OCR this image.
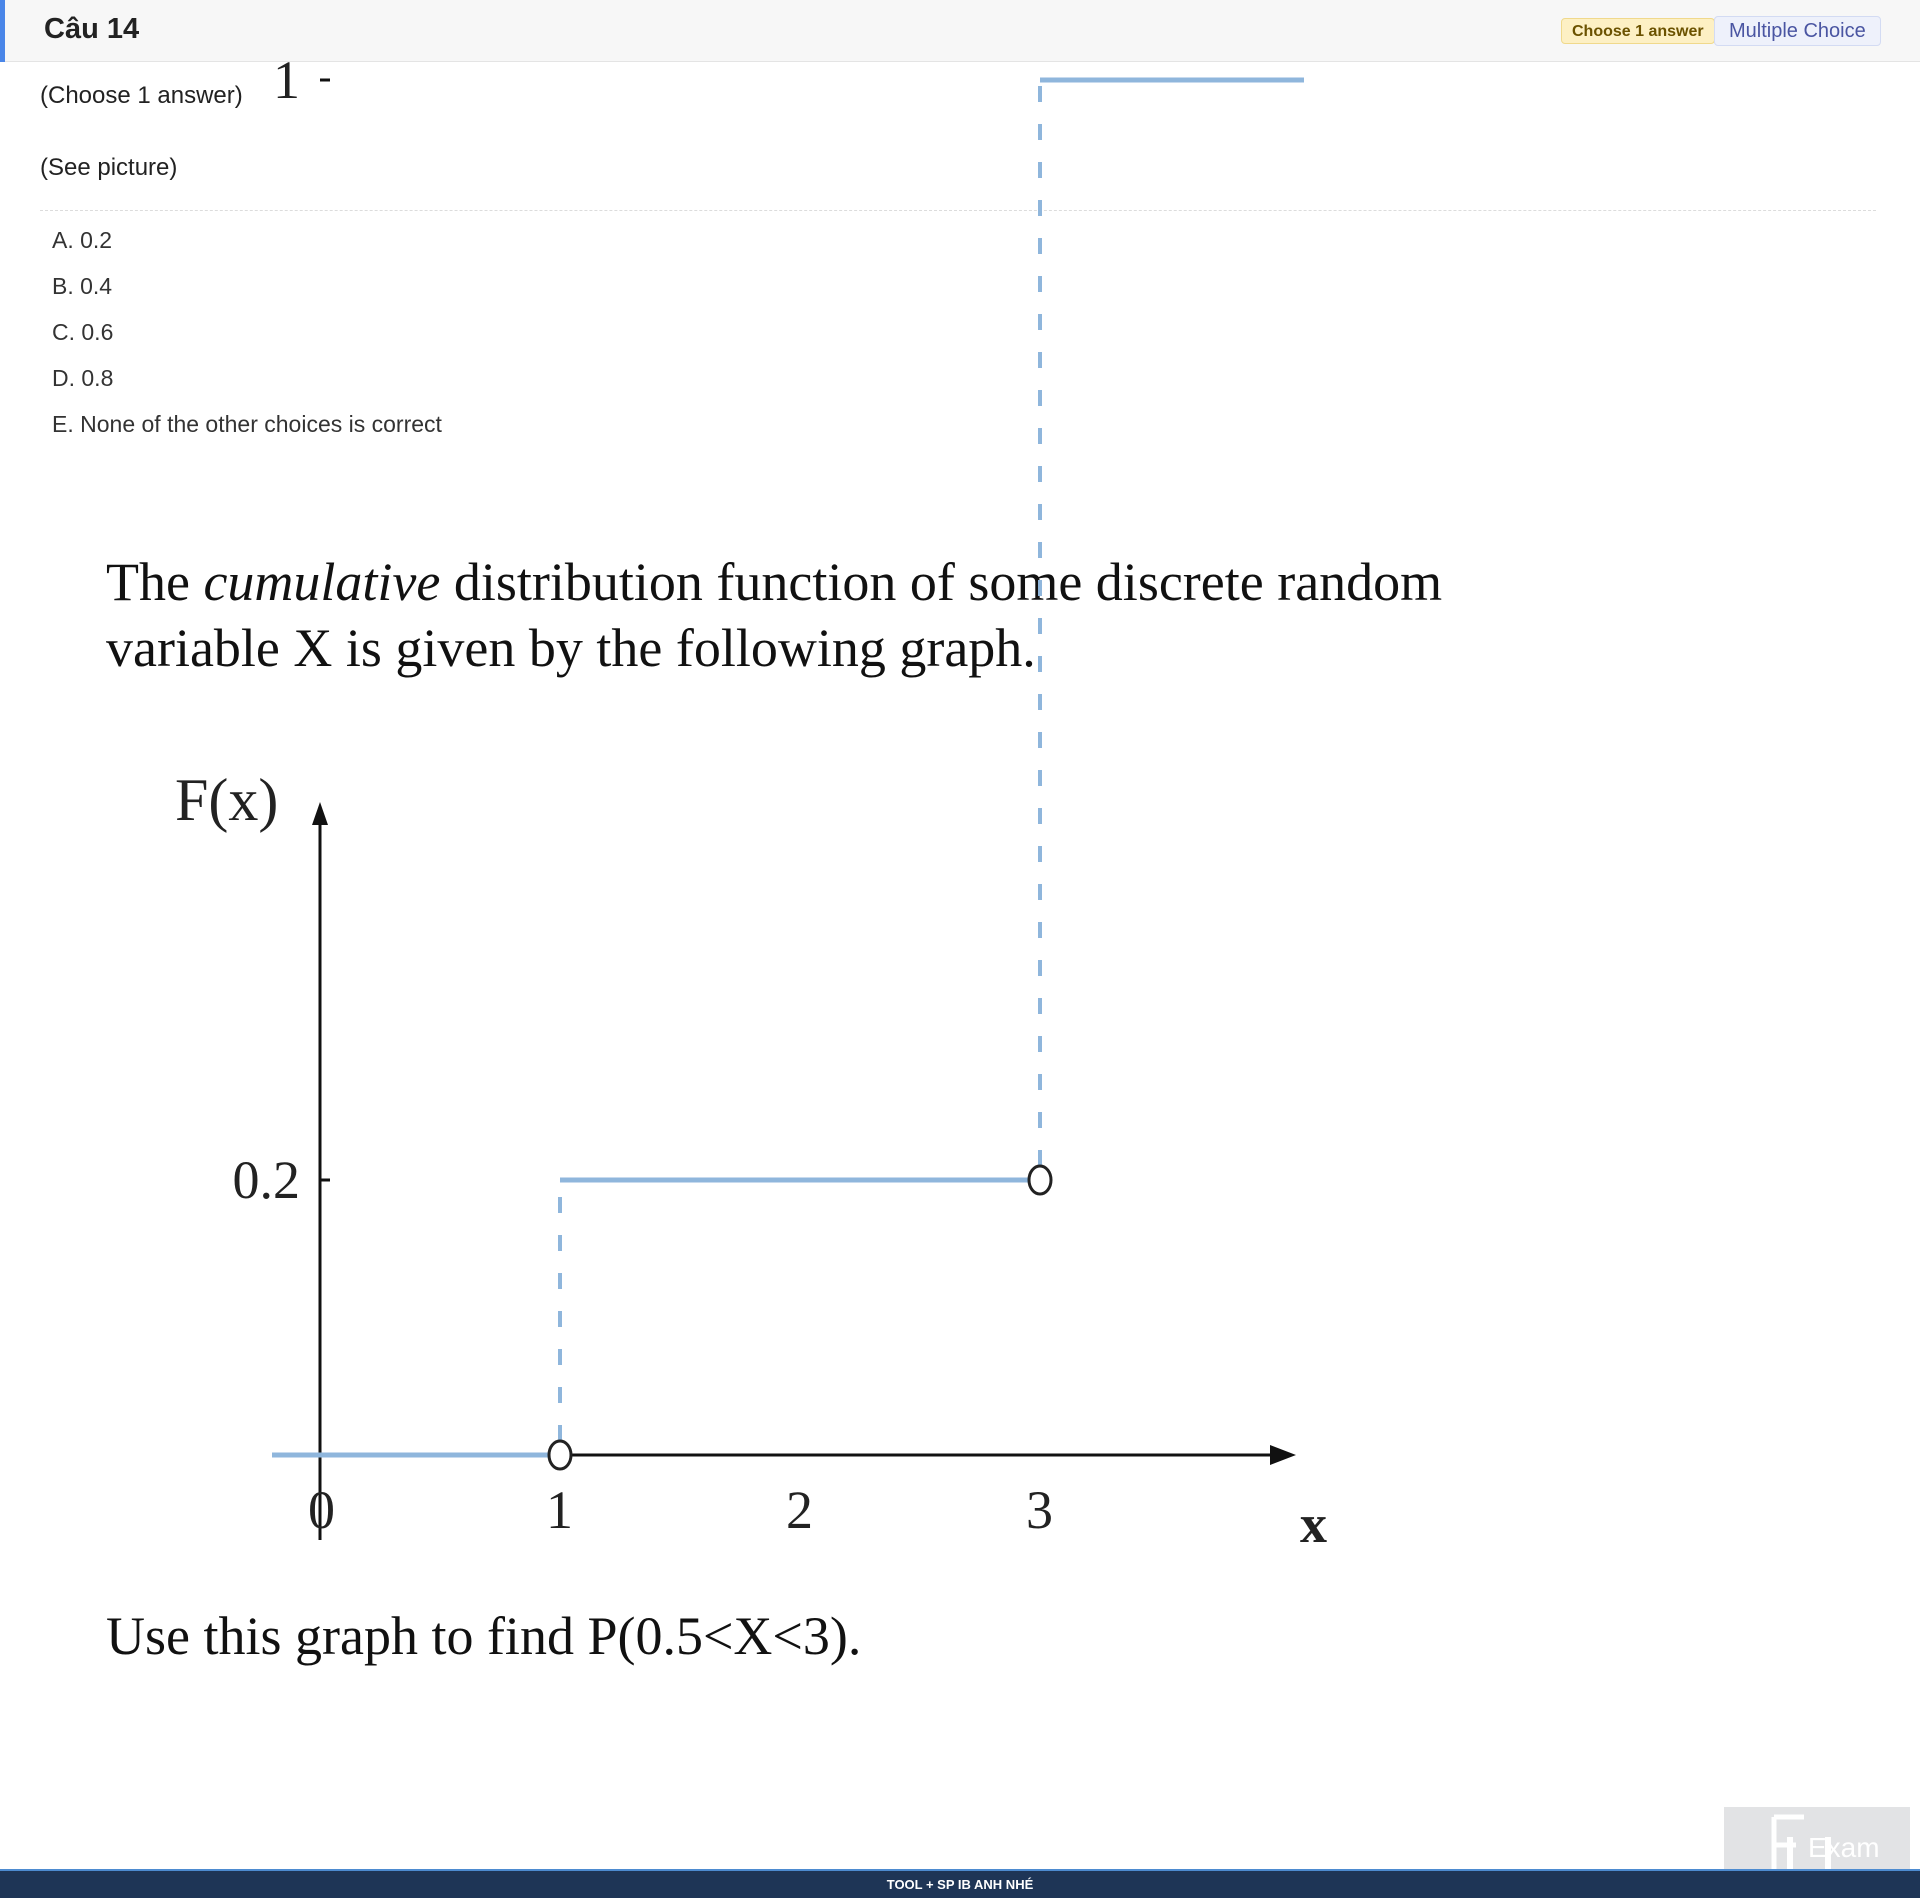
Câu 14	Choose 1 answer	Multiple Choice
(Choose 1 answer)
(See picture)
A. 0.2
B. 0.4
C. 0.6
D. 0.8
E. None of the other choices is correct
The cumulative distribution function of some discrete random
variable X is given by the following graph.
F(x)
x
0	1	2	3
1
0.2
Use this graph to find P(0.5<X<3).
Exam
TOOL + SP IB ANH NHÉ
